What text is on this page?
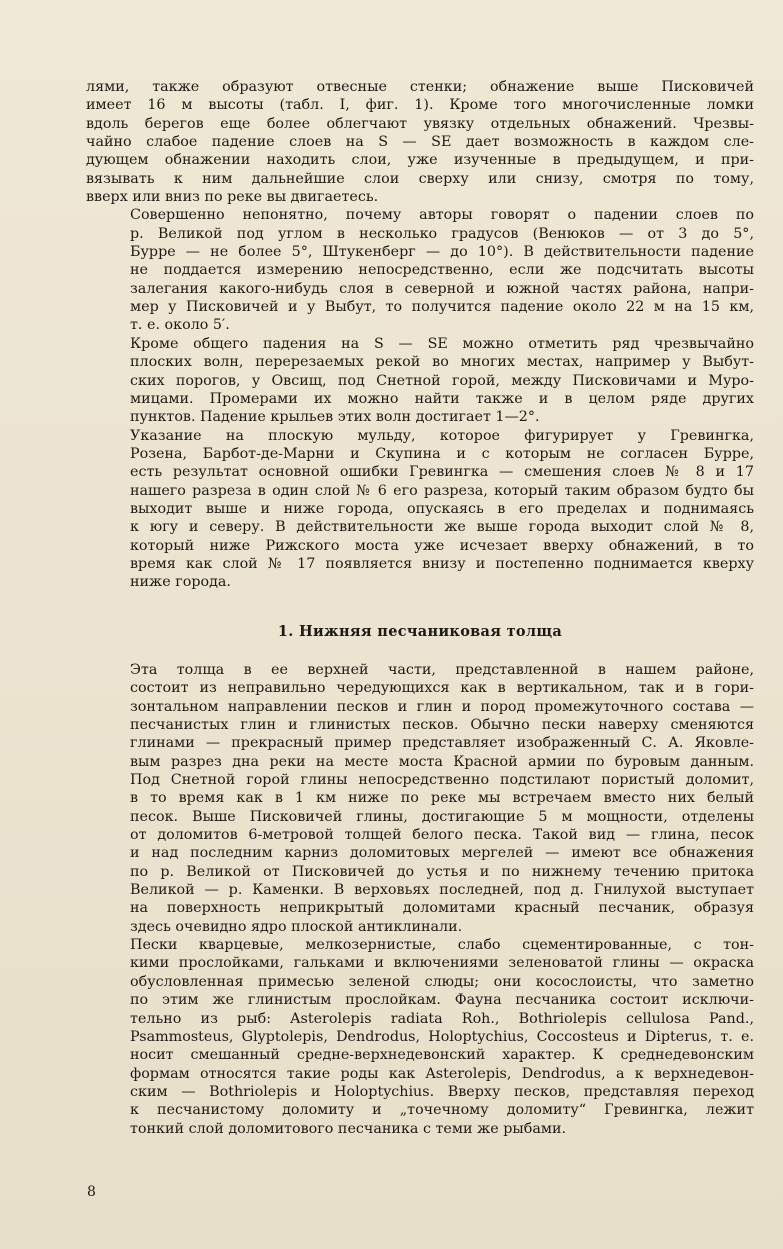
лями, также образуют отвесные стенки; обнажение выше Писковичей
имеет 16 м высоты (табл. I, фиг. 1). Кроме того многочисленные ломки
вдоль берегов еще более облегчают увязку отдельных обнажений. Чрезвы-
чайно слабое падение слоев на S — SE дает возможность в каждом сле-
дующем обнажении находить слои, уже изученные в предыдущем, и при-
вязывать к ним дальнейшие слои сверху или снизу, смотря по тому,
вверх или вниз по реке вы двигаетесь.
Совершенно непонятно, почему авторы говорят о падении слоев по
р. Великой под углом в несколько градусов (Венюков — от 3 до 5°,
Бурре — не более 5°, Штукенберг — до 10°). В действительности падение
не поддается измерению непосредственно, если же подсчитать высоты
залегания какого-нибудь слоя в северной и южной частях района, напри-
мер у Писковичей и у Выбут, то получится падение около 22 м на 15 км,
т. е. около 5′.
Кроме общего падения на S — SE можно отметить ряд чрезвычайно
плоских волн, перерезаемых рекой во многих местах, например у Выбут-
ских порогов, у Овсищ, под Снетной горой, между Писковичами и Муро-
мицами. Промерами их можно найти также и в целом ряде других
пунктов. Падение крыльев этих волн достигает 1—2°.
Указание на плоскую мульду, которое фигурирует у Гревингка,
Розена, Барбот-де-Марни и Скупина и с которым не согласен Бурре,
есть результат основной ошибки Гревингка — смешения слоев № 8 и 17
нашего разреза в один слой № 6 его разреза, который таким образом будто бы
выходит выше и ниже города, опускаясь в его пределах и поднимаясь
к югу и северу. В действительности же выше города выходит слой № 8,
который ниже Рижского моста уже исчезает вверху обнажений, в то
время как слой № 17 появляется внизу и постепенно поднимается кверху
ниже города.
1. Нижняя песчаниковая толща
Эта толща в ее верхней части, представленной в нашем районе,
состоит из неправильно чередующихся как в вертикальном, так и в гори-
зонтальном направлении песков и глин и пород промежуточного состава —
песчанистых глин и глинистых песков. Обычно пески наверху сменяются
глинами — прекрасный пример представляет изображенный С. А. Яковле-
вым разрез дна реки на месте моста Красной армии по буровым данным.
Под Снетной горой глины непосредственно подстилают пористый доломит,
в то время как в 1 км ниже по реке мы встречаем вместо них белый
песок. Выше Писковичей глины, достигающие 5 м мощности, отделены
от доломитов 6-метровой толщей белого песка. Такой вид — глина, песок
и над последним карниз доломитовых мергелей — имеют все обнажения
по р. Великой от Писковичей до устья и по нижнему течению притока
Великой — р. Каменки. В верховьях последней, под д. Гнилухой выступает
на поверхность неприкрытый доломитами красный песчаник, образуя
здесь очевидно ядро плоской антиклинали.
Пески кварцевые, мелкозернистые, слабо сцементированные, с тон-
кими прослойками, гальками и включениями зеленоватой глины — окраска
обусловленная примесью зеленой слюды; они косослоисты, что заметно
по этим же глинистым прослойкам. Фауна песчаника состоит исключи-
тельно из рыб: Asterolepis radiata Roh., Bothriolepis cellulosa Pand.,
Psammosteus, Glyptolepis, Dendrodus, Holoptychius, Coccosteus и Dipterus, т. е.
носит смешанный средне-верхнедевонский характер. К среднедевонским
формам относятся такие роды как Asterolepis, Dendrodus, а к верхнедевон-
ским — Bothriolepis и Holoptychius. Вверху песков, представляя переход
к песчанистому доломиту и „точечному доломиту“ Гревингка, лежит
тонкий слой доломитового песчаника с теми же рыбами.
8
